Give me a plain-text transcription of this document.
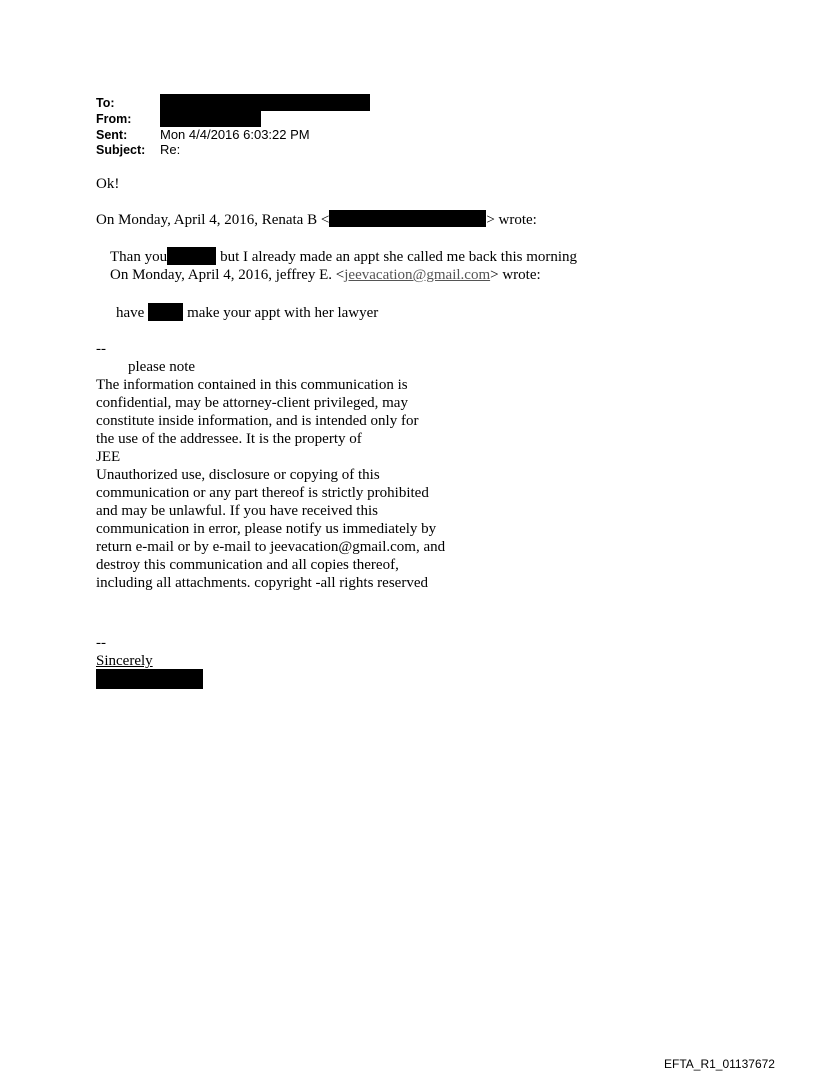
To:
From:
Sent:	Mon 4/4/2016 6:03:22 PM
Subject: Re:
Ok!
On Monday, April 4, 2016, Renata B <	> wrote:
Than you	but I already made an appt she called me back this morning
On Monday, April 4, 2016, jeffrey E. <jeevacation@gmail.com> wrote:
have	make your appt with her lawyer
--
please note
The information contained in this communication is
confidential, may be attorney-client privileged, may
constitute inside information, and is intended only for
the use of the addressee. It is the property of
JEE
Unauthorized use, disclosure or copying of this
communication or any part thereof is strictly prohibited
and may be unlawful. If you have received this
communication in error, please notify us immediately by
return e-mail or by e-mail to jeevacation@gmail.com, and
destroy this communication and all copies thereof,
including all attachments. copyright -all rights reserved
--
Sincerely
EFTA_R1_01137672
